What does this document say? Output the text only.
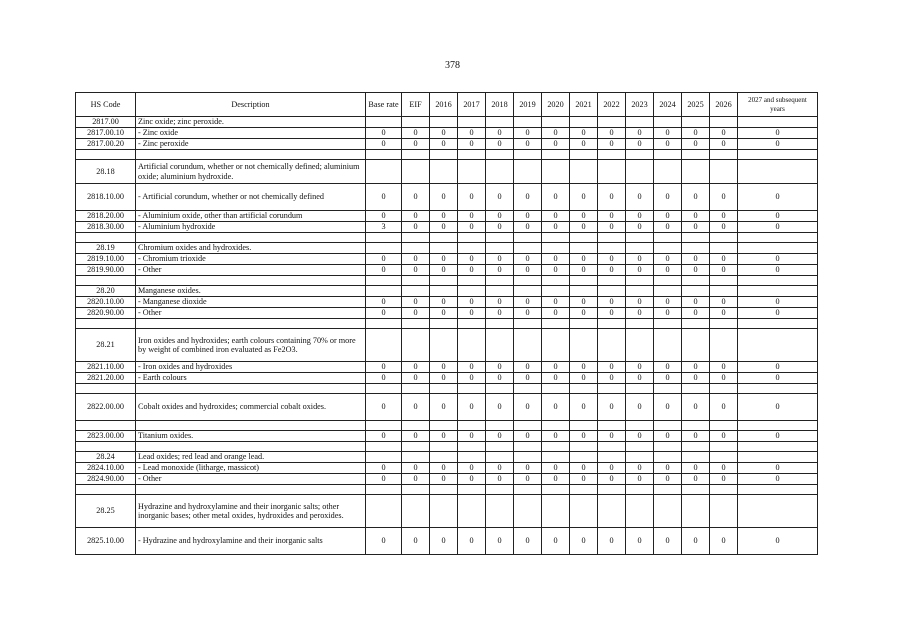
378
HS Code	Description	Base rate	EIF	2016	2017	2018	2019	2020	2021	2022	2023	2024	2025	2026	2027 and subsequent years
2817.00	Zinc oxide; zinc peroxide.														
2817.00.10	- Zinc oxide	0	0	0	0	0	0	0	0	0	0	0	0	0	0
2817.00.20	- Zinc peroxide	0	0	0	0	0	0	0	0	0	0	0	0	0	0

28.18	Artificial corundum, whether or not chemically defined; aluminium oxide; aluminium hydroxide.														
2818.10.00	- Artificial corundum, whether or not chemically defined	0	0	0	0	0	0	0	0	0	0	0	0	0	0
2818.20.00	- Aluminium oxide, other than artificial corundum	0	0	0	0	0	0	0	0	0	0	0	0	0	0
2818.30.00	- Aluminium hydroxide	3	0	0	0	0	0	0	0	0	0	0	0	0	0

28.19	Chromium oxides and hydroxides.														
2819.10.00	- Chromium trioxide	0	0	0	0	0	0	0	0	0	0	0	0	0	0
2819.90.00	- Other	0	0	0	0	0	0	0	0	0	0	0	0	0	0

28.20	Manganese oxides.														
2820.10.00	- Manganese dioxide	0	0	0	0	0	0	0	0	0	0	0	0	0	0
2820.90.00	- Other	0	0	0	0	0	0	0	0	0	0	0	0	0	0

28.21	Iron oxides and hydroxides; earth colours containing 70% or more by weight of combined iron evaluated as Fe2O3.														
2821.10.00	- Iron oxides and hydroxides	0	0	0	0	0	0	0	0	0	0	0	0	0	0
2821.20.00	- Earth colours	0	0	0	0	0	0	0	0	0	0	0	0	0	0

2822.00.00	Cobalt oxides and hydroxides; commercial cobalt oxides.	0	0	0	0	0	0	0	0	0	0	0	0	0	0

2823.00.00	Titanium oxides.	0	0	0	0	0	0	0	0	0	0	0	0	0	0

28.24	Lead oxides; red lead and orange lead.														
2824.10.00	- Lead monoxide (litharge, massicot)	0	0	0	0	0	0	0	0	0	0	0	0	0	0
2824.90.00	- Other	0	0	0	0	0	0	0	0	0	0	0	0	0	0

28.25	Hydrazine and hydroxylamine and their inorganic salts; other inorganic bases; other metal oxides, hydroxides and peroxides.														
2825.10.00	- Hydrazine and hydroxylamine and their inorganic salts	0	0	0	0	0	0	0	0	0	0	0	0	0	0
